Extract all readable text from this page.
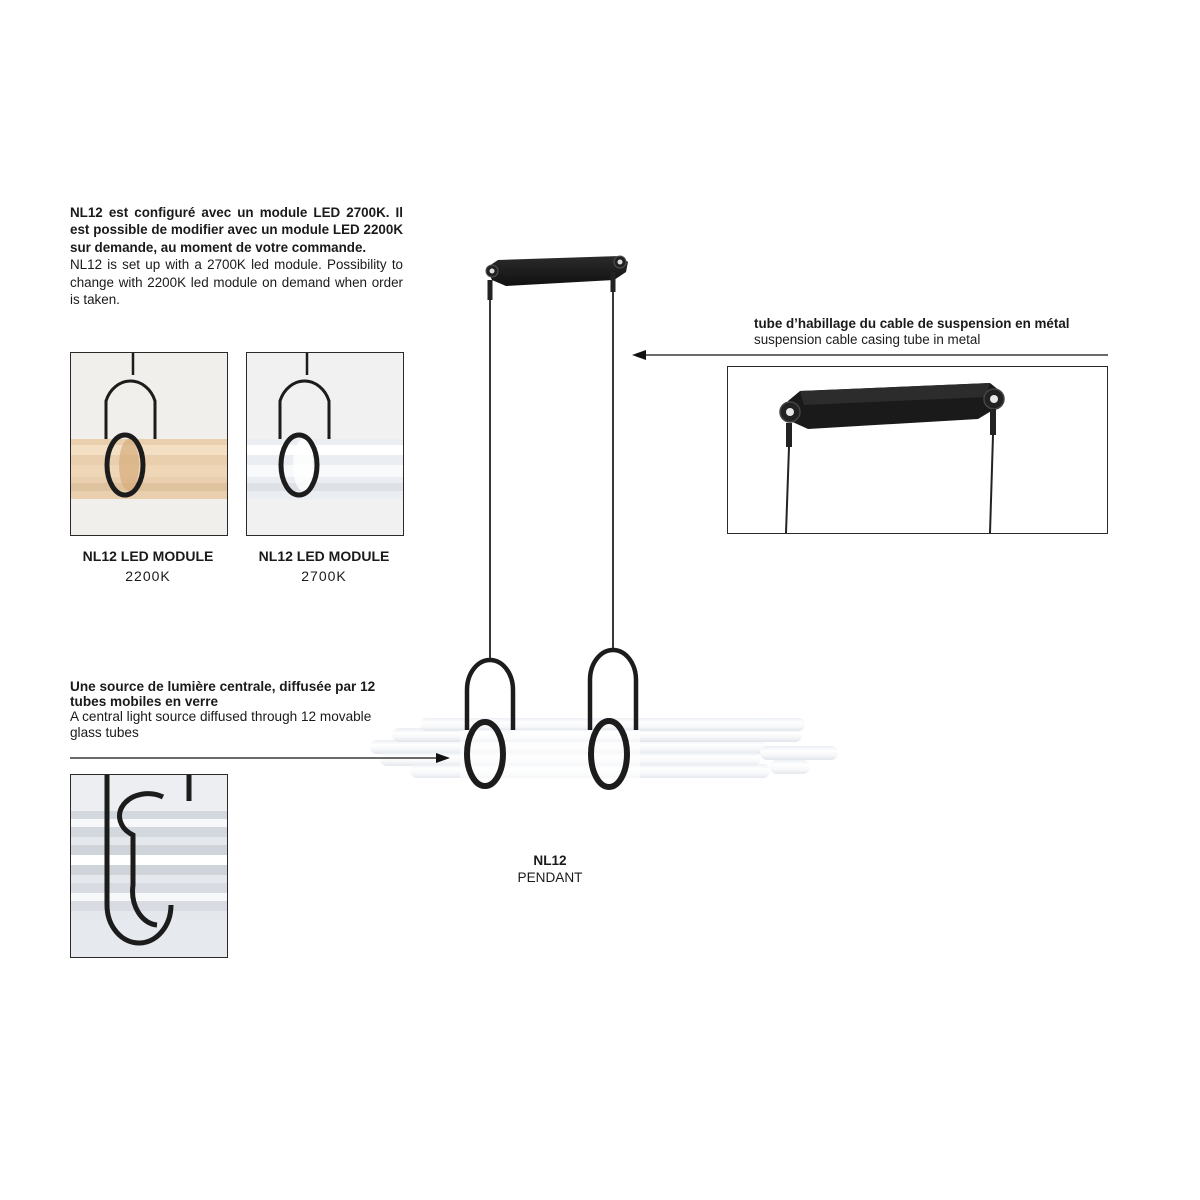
NL12 est configuré avec un module LED 2700K. Il est possible de modifier avec un module LED 2200K sur demande, au moment de votre commande.

NL12 is set up with a 2700K led module. Possibility to change with 2200K led module on demand when order is taken.

NL12 LED MODULE
2200K
NL12 LED MODULE
2700K
tube d’habillage du cable de suspension en métal
suspension cable casing tube in metal
Une source de lumière centrale, diffusée par 12 tubes mobiles en verre
A central light source diffused through 12 movable glass tubes
NL12
PENDANT
